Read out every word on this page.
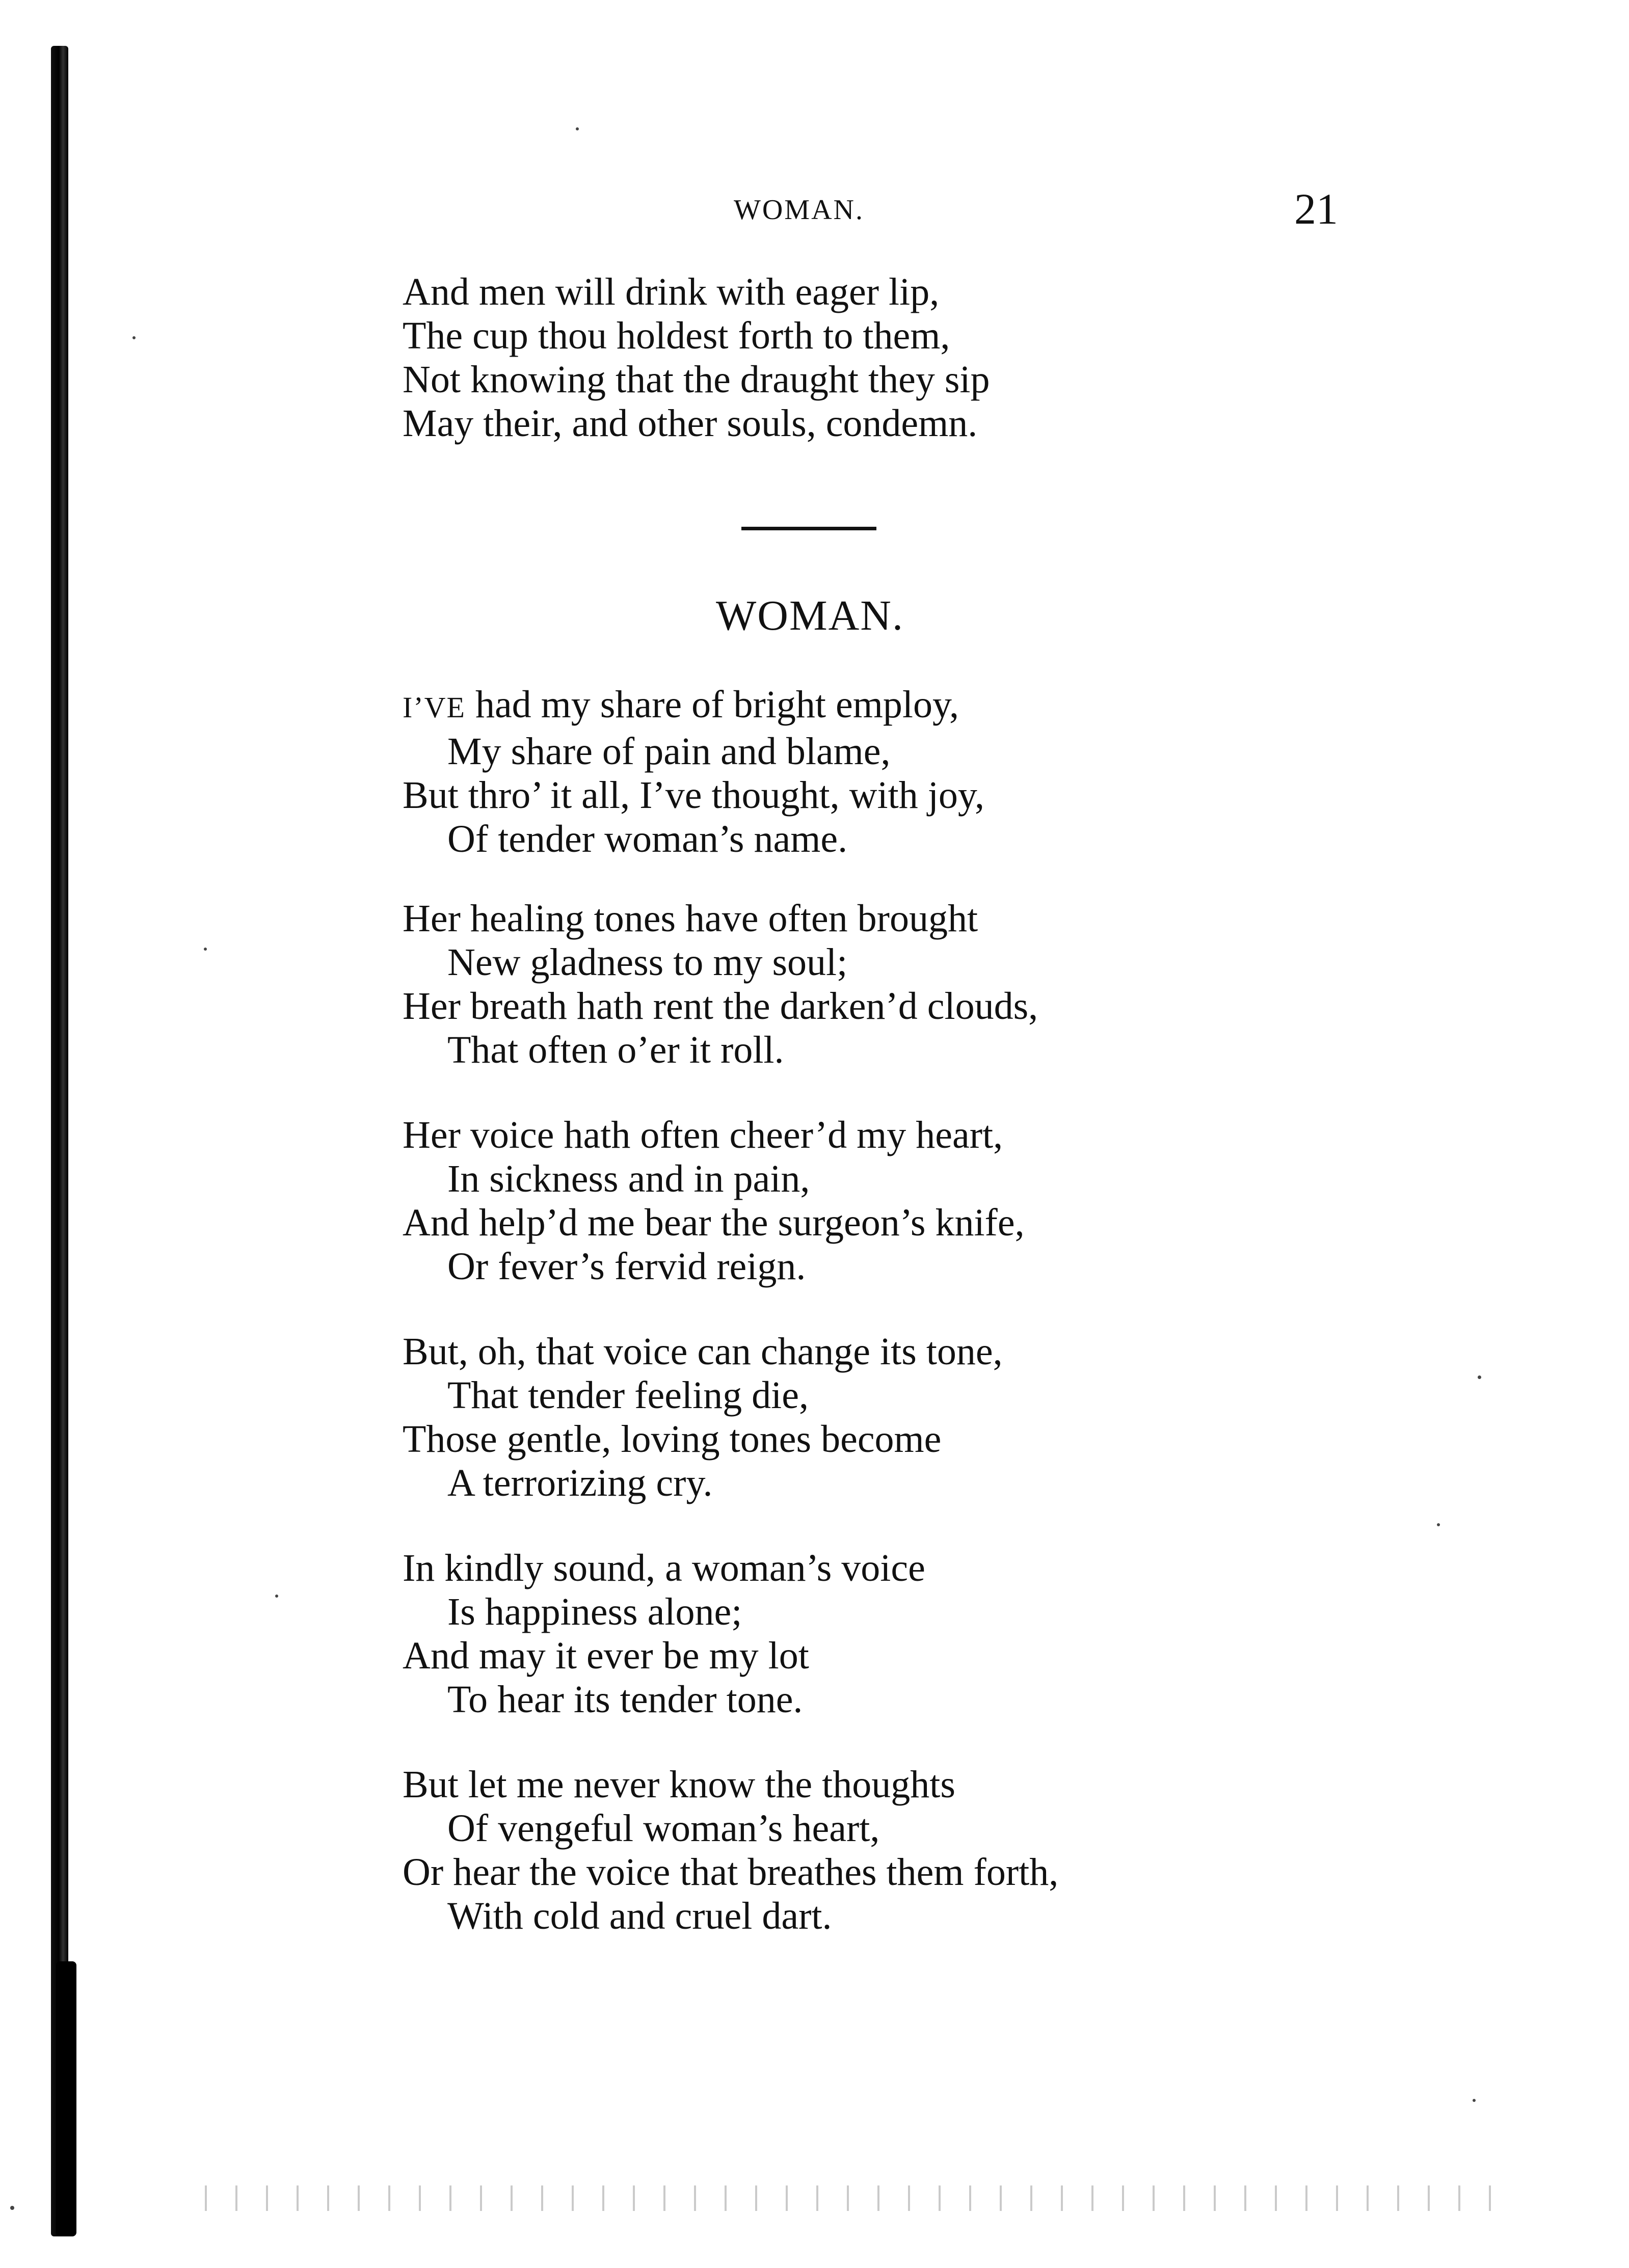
WOMAN.	21

And men will drink with eager lip,

The cup thou holdest forth to them,

Not knowing that the draught they sip

May their, and other souls, condemn.

WOMAN.

I’VE had my share of bright employ,

My share of pain and blame,

But thro’ it all, I’ve thought, with joy,

Of tender woman’s name.

Her healing tones have often brought

New gladness to my soul;

Her breath hath rent the darken’d clouds,

That often o’er it roll.

Her voice hath often cheer’d my heart,

In sickness and in pain,

And help’d me bear the surgeon’s knife,

Or fever’s fervid reign.

But, oh, that voice can change its tone,

That tender feeling die,

Those gentle, loving tones become

A terrorizing cry.

In kindly sound, a woman’s voice

Is happiness alone;

And may it ever be my lot

To hear its tender tone.

But let me never know the thoughts

Of vengeful woman’s heart,

Or hear the voice that breathes them forth,

With cold and cruel dart.
